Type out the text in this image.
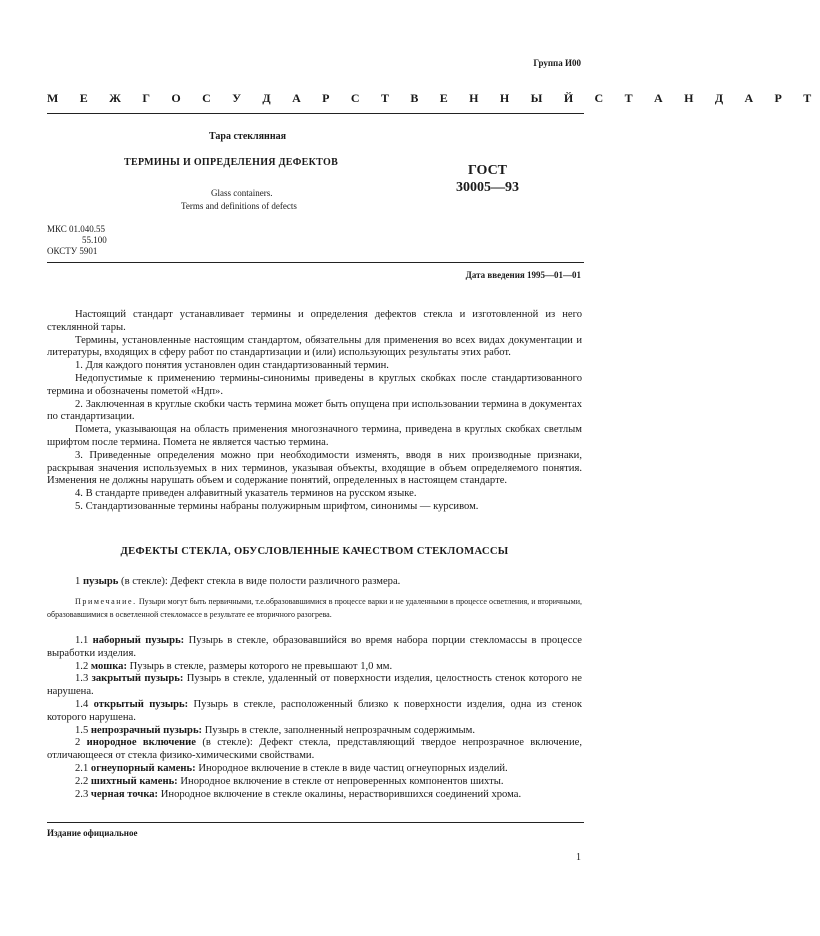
Группа И00
М Е Ж Г О С У Д А Р С Т В Е Н Н Ы Й С Т А Н Д А Р Т
Тара стеклянная
ТЕРМИНЫ И ОПРЕДЕЛЕНИЯ ДЕФЕКТОВ
Glass containers.
Terms and definitions of defects
ГОСТ
30005—93
МКС 01.040.55
55.100
ОКСТУ 5901
Дата введения 1995—01—01

Настоящий стандарт устанавливает термины и определения дефектов стекла и изготовленной из него стеклянной тары.

Термины, установленные настоящим стандартом, обязательны для применения во всех видах документации и литературы, входящих в сферу работ по стандартизации и (или) использующих результаты этих работ.

1. Для каждого понятия установлен один стандартизованный термин.

Недопустимые к применению термины-синонимы приведены в круглых скобках после стандартизованного термина и обозначены пометой «Ндп».

2. Заключенная в круглые скобки часть термина может быть опущена при использовании термина в документах по стандартизации.

Помета, указывающая на область применения многозначного термина, приведена в круглых скобках светлым шрифтом после термина. Помета не является частью термина.

3. Приведенные определения можно при необходимости изменять, вводя в них производные признаки, раскрывая значения используемых в них терминов, указывая объекты, входящие в объем определяемого понятия. Изменения не должны нарушать объем и содержание понятий, определенных в настоящем стандарте.

4. В стандарте приведен алфавитный указатель терминов на русском языке.

5. Стандартизованные термины набраны полужирным шрифтом, синонимы — курсивом.

ДЕФЕКТЫ СТЕКЛА, ОБУСЛОВЛЕННЫЕ КАЧЕСТВОМ СТЕКЛОМАССЫ

1 пузырь (в стекле): Дефект стекла в виде полости различного размера.

Примечание. Пузыри могут быть первичными, т.е.образовавшимися в процессе варки и не удаленными в процессе осветления, и вторичными, образовавшимися в осветленной стекломассе в результате ее вторичного разогрева.

1.1 наборный пузырь: Пузырь в стекле, образовавшийся во время набора порции стекломассы в процессе выработки изделия.

1.2 мошка: Пузырь в стекле, размеры которого не превышают 1,0 мм.

1.3 закрытый пузырь: Пузырь в стекле, удаленный от поверхности изделия, целостность стенок которого не нарушена.

1.4 открытый пузырь: Пузырь в стекле, расположенный близко к поверхности изделия, одна из стенок которого нарушена.

1.5 непрозрачный пузырь: Пузырь в стекле, заполненный непрозрачным содержимым.

2 инородное включение (в стекле): Дефект стекла, представляющий твердое непрозрачное включение, отличающееся от стекла физико-химическими свойствами.

2.1 огнеупорный камень: Инородное включение в стекле в виде частиц огнеупорных изделий.

2.2 шихтный камень: Инородное включение в стекле от непроверенных компонентов шихты.

2.3 черная точка: Инородное включение в стекле окалины, нерастворившихся соединений хрома.

Издание официальное
1
